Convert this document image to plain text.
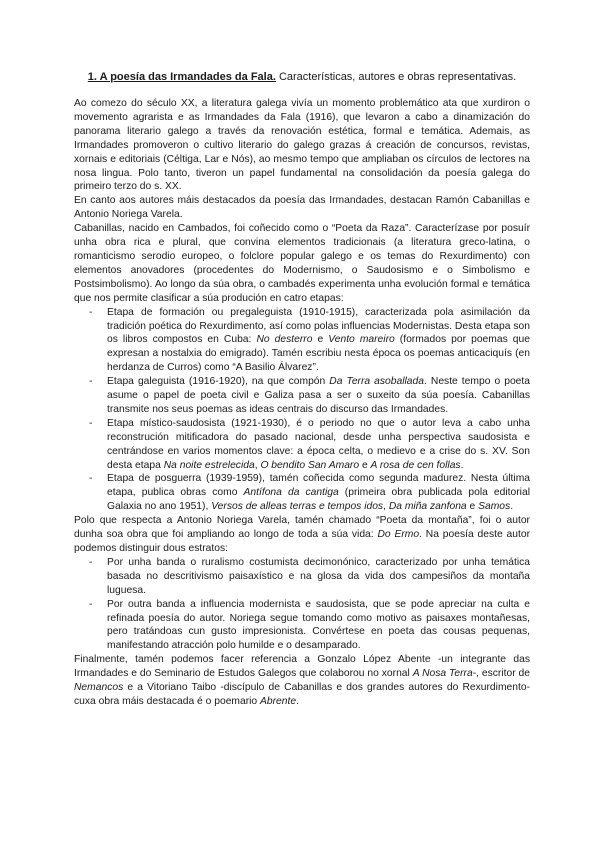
1. A poesía das Irmandades da Fala. Características, autores e obras representativas.

Ao comezo do século XX, a literatura galega vivía un momento problemático ata que xurdiron o movemento agrarista e as Irmandades da Fala (1916), que levaron a cabo a dinamización do panorama literario galego a través da renovación estética, formal e temática. Ademais, as Irmandades promoveron o cultivo literario do galego grazas á creación de concursos, revistas, xornais e editoriais (Céltiga, Lar e Nós), ao mesmo tempo que ampliaban os círculos de lectores na nosa lingua. Polo tanto, tiveron un papel fundamental na consolidación da poesía galega do primeiro terzo do s. XX.

En canto aos autores máis destacados da poesía das Irmandades, destacan Ramón Cabanillas e Antonio Noriega Varela.

Cabanillas, nacido en Cambados, foi coñecido como o “Poeta da Raza”. Caracterízase por posuír unha obra rica e plural, que convina elementos tradicionais (a literatura greco-latina, o romanticismo serodio europeo, o folclore popular galego e os temas do Rexurdimento) con elementos anovadores (procedentes do Modernismo, o Saudosismo e o Simbolismo e Postsimbolismo). Ao longo da súa obra, o cambadés experimenta unha evolución formal e temática que nos permite clasificar a súa produción en catro etapas:

- Etapa de formación ou pregaleguista (1910-1915), caracterizada pola asimilación da tradición poética do Rexurdimento, así como polas influencias Modernistas. Desta etapa son os libros compostos en Cuba: No desterro e Vento mareiro (formados por poemas que expresan a nostalxia do emigrado). Tamén escribiu nesta época os poemas anticaciquís (en herdanza de Curros) como “A Basilio Álvarez”.
- Etapa galeguista (1916-1920), na que compón Da Terra asoballada. Neste tempo o poeta asume o papel de poeta civil e Galiza pasa a ser o suxeito da súa poesía. Cabanillas transmite nos seus poemas as ideas centrais do discurso das Irmandades.
- Etapa místico-saudosista (1921-1930), é o periodo no que o autor leva a cabo unha reconstrución mitificadora do pasado nacional, desde unha perspectiva saudosista e centrándose en varios momentos clave: a época celta, o medievo e a crise do s. XV. Son desta etapa Na noite estrelecida, O bendito San Amaro e A rosa de cen follas.
- Etapa de posguerra (1939-1959), tamén coñecida como segunda madurez. Nesta última etapa, publica obras como Antífona da cantiga (primeira obra publicada pola editorial Galaxia no ano 1951), Versos de alleas terras e tempos idos, Da miña zanfona e Samos.

Polo que respecta a Antonio Noriega Varela, tamén chamado “Poeta da montaña”, foi o autor dunha soa obra que foi ampliando ao longo de toda a súa vida: Do Ermo. Na poesía deste autor podemos distinguir dous estratos:

- Por unha banda o ruralismo costumista decimonónico, caracterizado por unha temática basada no descritivismo paisaxístico e na glosa da vida dos campesiños da montaña luguesa.
- Por outra banda a influencia modernista e saudosista, que se pode apreciar na culta e refinada poesía do autor. Noriega segue tomando como motivo as paisaxes montañesas, pero tratándoas cun gusto impresionista. Convértese en poeta das cousas pequenas, manifestando atracción polo humilde e o desamparado.

Finalmente, tamén podemos facer referencia a Gonzalo López Abente -un integrante das Irmandades e do Seminario de Estudos Galegos que colaborou no xornal A Nosa Terra-, escritor de Nemancos e a Vitoriano Taibo -discípulo de Cabanillas e dos grandes autores do Rexurdimento- cuxa obra máis destacada é o poemario Abrente.
